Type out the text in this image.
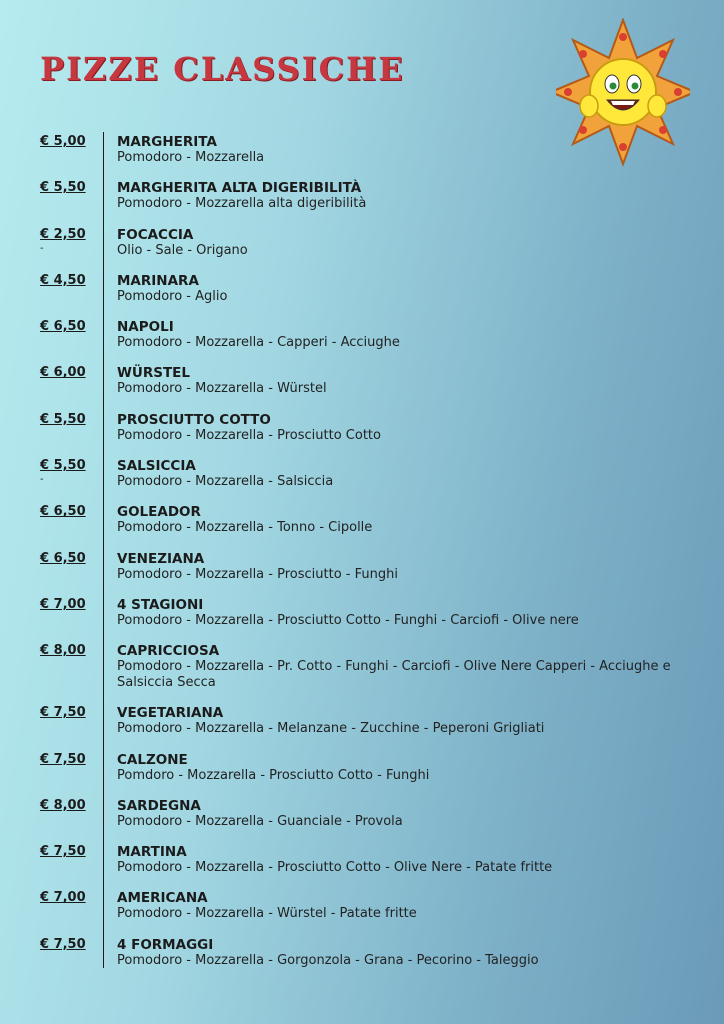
PIZZE CLASSICHE
€ 5,00 MARGHERITA
Pomodoro - Mozzarella
€ 5,50 MARGHERITA ALTA DIGERIBILITÀ
Pomodoro - Mozzarella alta digeribilità
€ 2,50
-
FOCACCIA
Olio - Sale - Origano
€ 4,50 MARINARA
Pomodoro - Aglio
€ 6,50 NAPOLI
Pomodoro - Mozzarella - Capperi - Acciughe
€ 6,00 WÜRSTEL
Pomodoro - Mozzarella - Würstel
€ 5,50 PROSCIUTTO COTTO
Pomodoro - Mozzarella - Prosciutto Cotto
€ 5,50
-
SALSICCIA
Pomodoro - Mozzarella - Salsiccia
€ 6,50 GOLEADOR
Pomodoro - Mozzarella - Tonno - Cipolle
€ 6,50 VENEZIANA
Pomodoro - Mozzarella - Prosciutto - Funghi
€ 7,00 4 STAGIONI
Pomodoro - Mozzarella - Prosciutto Cotto - Funghi - Carciofi - Olive nere
€ 8,00 CAPRICCIOSA
Pomodoro - Mozzarella - Pr. Cotto - Funghi - Carciofi - Olive Nere Capperi - Acciughe e Salsiccia Secca
€ 7,50 VEGETARIANA
Pomodoro - Mozzarella - Melanzane - Zucchine - Peperoni Grigliati
€ 7,50 CALZONE
Pomdoro - Mozzarella - Prosciutto Cotto - Funghi
€ 8,00 SARDEGNA
Pomodoro - Mozzarella - Guanciale - Provola
€ 7,50 MARTINA
Pomodoro - Mozzarella - Prosciutto Cotto - Olive Nere - Patate fritte
€ 7,00 AMERICANA
Pomodoro - Mozzarella - Würstel - Patate fritte
€ 7,50 4 FORMAGGI
Pomodoro - Mozzarella - Gorgonzola - Grana - Pecorino - Taleggio
